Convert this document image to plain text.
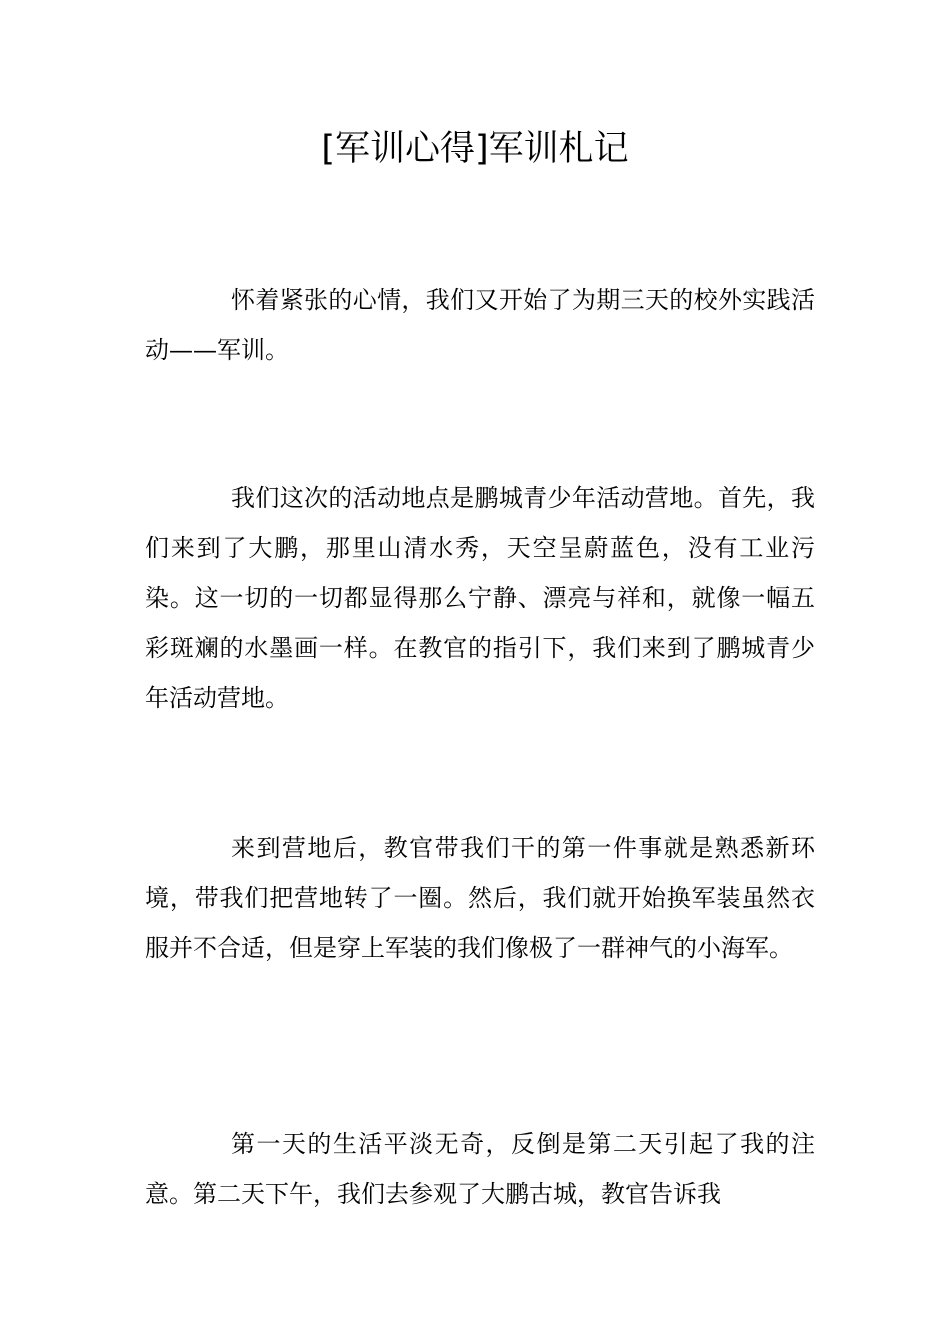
[军训心得]军训札记

怀着紧张的心情，我们又开始了为期三天的校外实践活动——军训。

我们这次的活动地点是鹏城青少年活动营地。首先，我们来到了大鹏，那里山清水秀，天空呈蔚蓝色，没有工业污染。这一切的一切都显得那么宁静、漂亮与祥和，就像一幅五彩斑斓的水墨画一样。在教官的指引下，我们来到了鹏城青少年活动营地。

来到营地后，教官带我们干的第一件事就是熟悉新环境，带我们把营地转了一圈。然后，我们就开始换军装虽然衣服并不合适，但是穿上军装的我们像极了一群神气的小海军。

第一天的生活平淡无奇，反倒是第二天引起了我的注意。第二天下午，我们去参观了大鹏古城，教官告诉我
